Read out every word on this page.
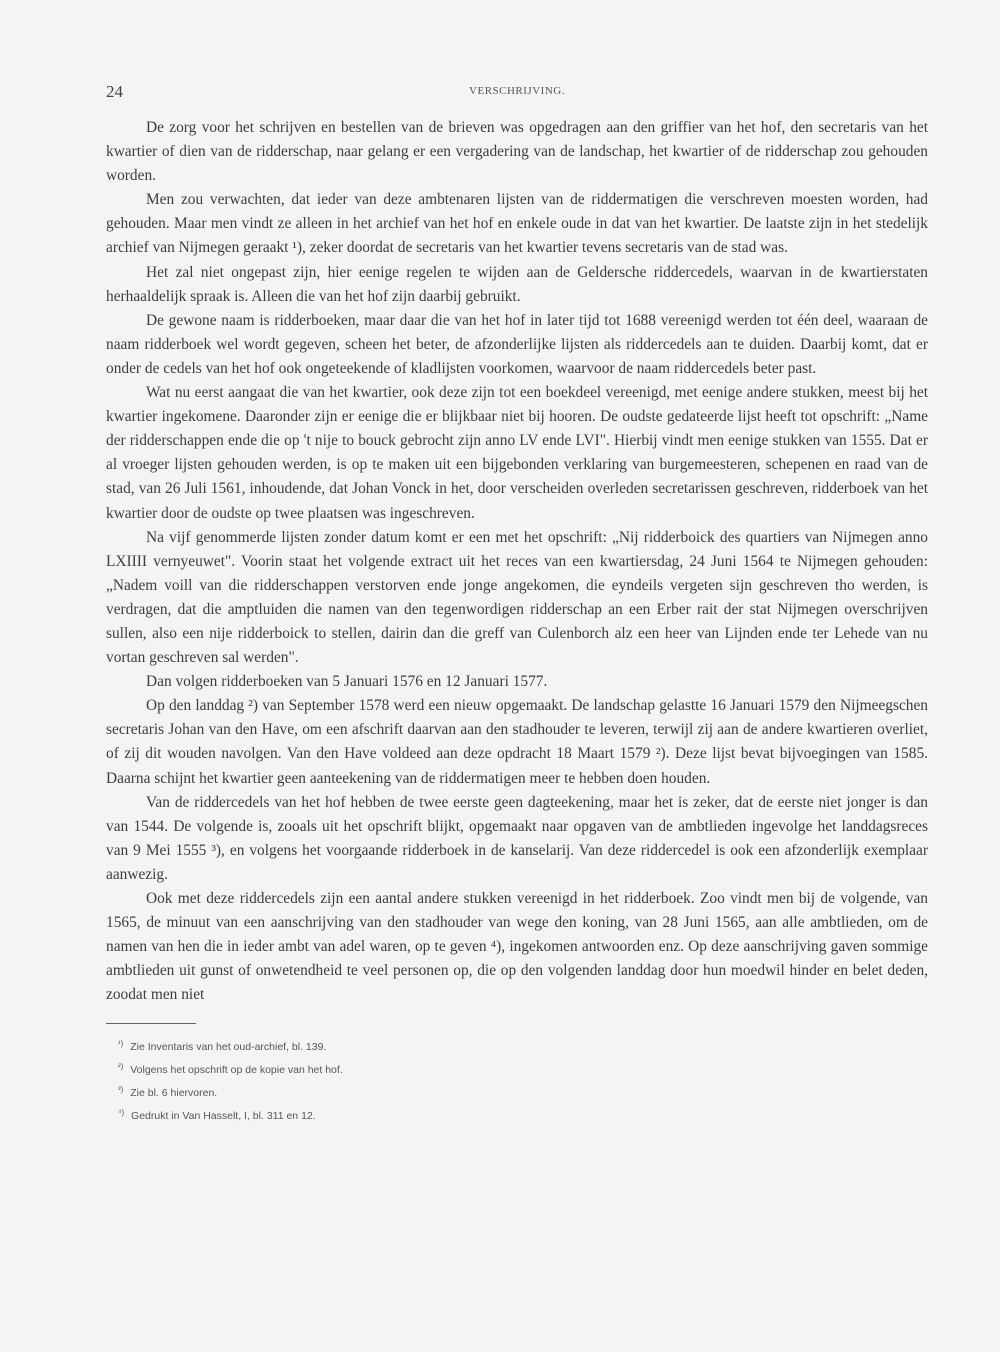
24	VERSCHRIJVING.

De zorg voor het schrijven en bestellen van de brieven was opgedragen aan den griffier van het hof, den secretaris van het kwartier of dien van de ridderschap, naar gelang er een vergadering van de landschap, het kwartier of de ridderschap zou gehouden worden.

Men zou verwachten, dat ieder van deze ambtenaren lijsten van de riddermatigen die verschreven moesten worden, had gehouden. Maar men vindt ze alleen in het archief van het hof en enkele oude in dat van het kwartier. De laatste zijn in het stedelijk archief van Nijmegen geraakt ¹), zeker doordat de secretaris van het kwartier tevens secretaris van de stad was.

Het zal niet ongepast zijn, hier eenige regelen te wijden aan de Geldersche riddercedels, waarvan in de kwartierstaten herhaaldelijk spraak is. Alleen die van het hof zijn daarbij gebruikt.

De gewone naam is ridderboeken, maar daar die van het hof in later tijd tot 1688 vereenigd werden tot één deel, waaraan de naam ridderboek wel wordt gegeven, scheen het beter, de afzonderlijke lijsten als riddercedels aan te duiden. Daarbij komt, dat er onder de cedels van het hof ook ongeteekende of kladlijsten voorkomen, waarvoor de naam riddercedels beter past.

Wat nu eerst aangaat die van het kwartier, ook deze zijn tot een boekdeel vereenigd, met eenige andere stukken, meest bij het kwartier ingekomene. Daaronder zijn er eenige die er blijkbaar niet bij hooren. De oudste gedateerde lijst heeft tot opschrift: „Name der ridderschappen ende die op 't nije to bouck gebrocht zijn anno LV ende LVI". Hierbij vindt men eenige stukken van 1555. Dat er al vroeger lijsten gehouden werden, is op te maken uit een bijgebonden verklaring van burgemeesteren, schepenen en raad van de stad, van 26 Juli 1561, inhoudende, dat Johan Vonck in het, door verscheiden overleden secretarissen geschreven, ridderboek van het kwartier door de oudste op twee plaatsen was ingeschreven.

Na vijf genommerde lijsten zonder datum komt er een met het opschrift: „Nij ridderboick des quartiers van Nijmegen anno LXIIII vernyeuwet". Voorin staat het volgende extract uit het reces van een kwartiersdag, 24 Juni 1564 te Nijmegen gehouden: „Nadem voill van die ridderschappen verstorven ende jonge angekomen, die eyndeils vergeten sijn geschreven tho werden, is verdragen, dat die amptluiden die namen van den tegenwordigen ridderschap an een Erber rait der stat Nijmegen overschrijven sullen, also een nije ridderboick to stellen, dairin dan die greff van Culenborch alz een heer van Lijnden ende ter Lehede van nu vortan geschreven sal werden".

Dan volgen ridderboeken van 5 Januari 1576 en 12 Januari 1577.

Op den landdag ²) van September 1578 werd een nieuw opgemaakt. De landschap gelastte 16 Januari 1579 den Nijmeegschen secretaris Johan van den Have, om een afschrift daarvan aan den stadhouder te leveren, terwijl zij aan de andere kwartieren overliet, of zij dit wouden navolgen. Van den Have voldeed aan deze opdracht 18 Maart 1579 ²). Deze lijst bevat bijvoegingen van 1585. Daarna schijnt het kwartier geen aanteekening van de riddermatigen meer te hebben doen houden.

Van de riddercedels van het hof hebben de twee eerste geen dagteekening, maar het is zeker, dat de eerste niet jonger is dan van 1544. De volgende is, zooals uit het opschrift blijkt, opgemaakt naar opgaven van de ambtlieden ingevolge het landdagsreces van 9 Mei 1555 ³), en volgens het voorgaande ridderboek in de kanselarij. Van deze riddercedel is ook een afzonderlijk exemplaar aanwezig.

Ook met deze riddercedels zijn een aantal andere stukken vereenigd in het ridderboek. Zoo vindt men bij de volgende, van 1565, de minuut van een aanschrijving van den stadhouder van wege den koning, van 28 Juni 1565, aan alle ambtlieden, om de namen van hen die in ieder ambt van adel waren, op te geven ⁴), ingekomen antwoorden enz. Op deze aanschrijving gaven sommige ambtlieden uit gunst of onwetendheid te veel personen op, die op den volgenden landdag door hun moedwil hinder en belet deden, zoodat men niet

$^{^1)}$ Zie Inventaris van het oud-archief, bl. 139.
$^{^2)}$ Volgens het opschrift op de kopie van het hof.
$^{^3)}$ Zie bl. 6 hiervoren.
$^{^4)}$ Gedrukt in Van Hasselt, I, bl. 311 en 12.
